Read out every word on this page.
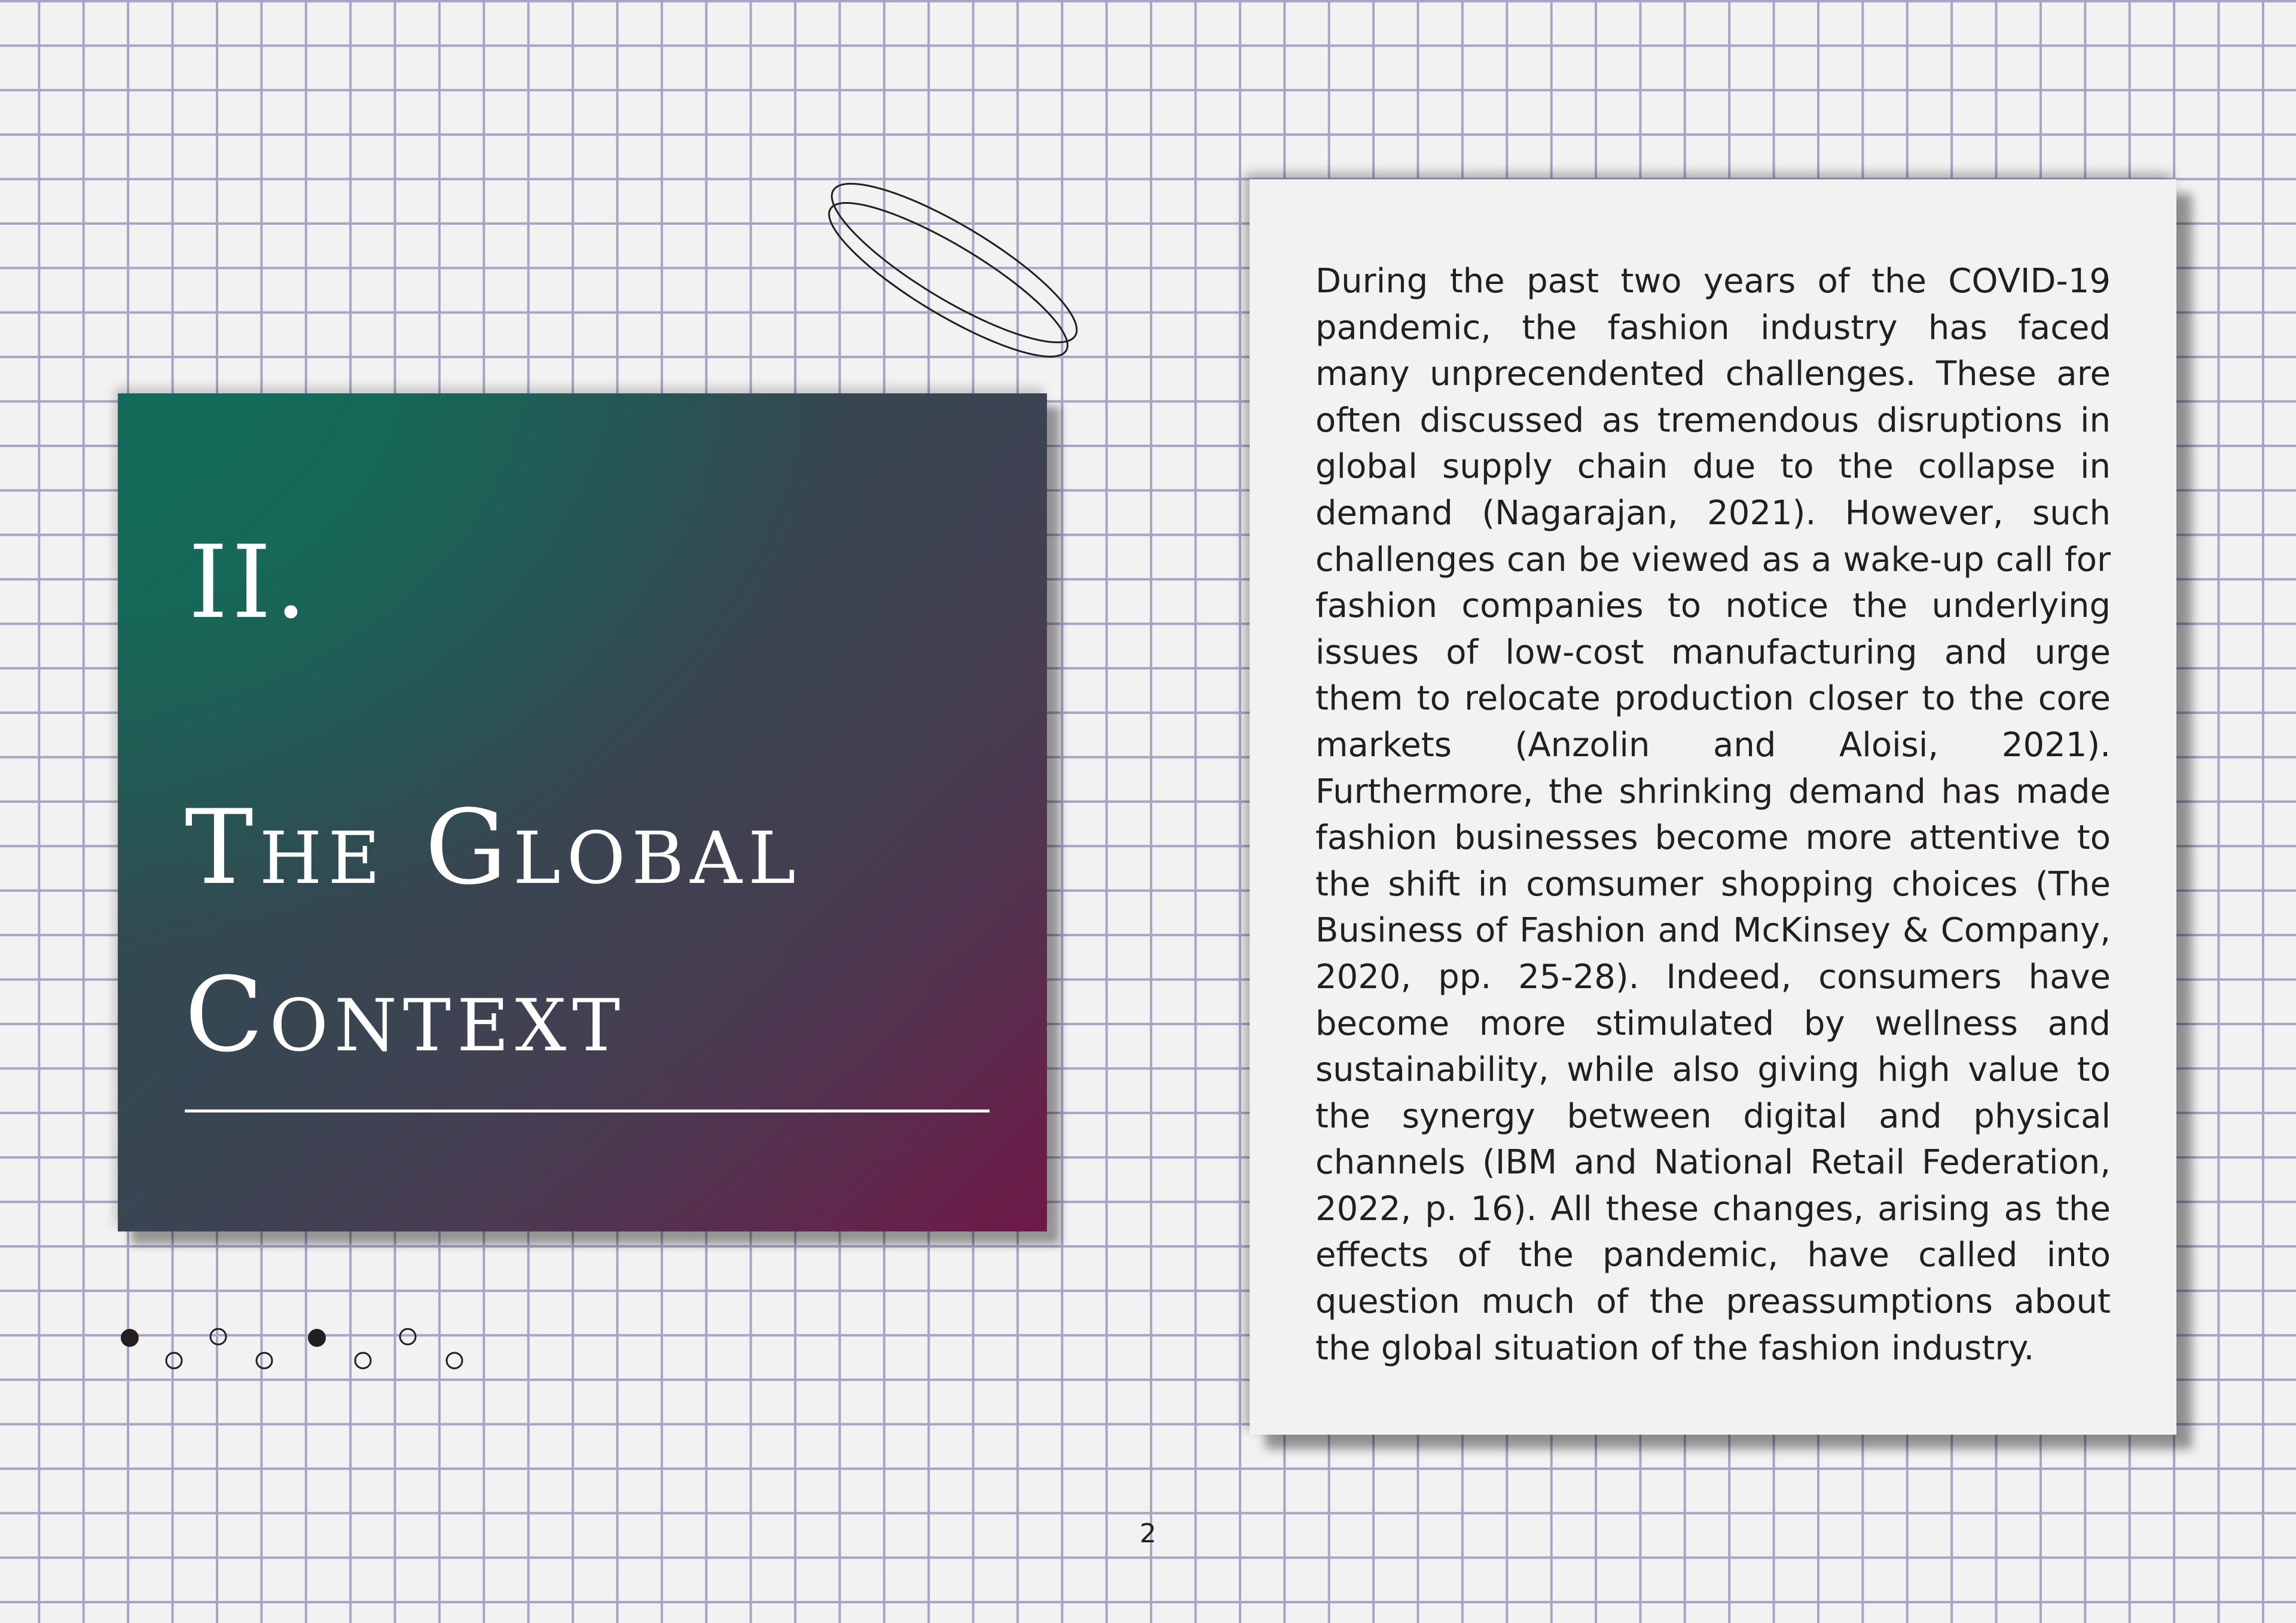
II.
The Global
Context

During the past two years of the COVID-19 pandemic, the fashion industry has faced many unprecendented challenges. These are often discussed as tremendous disruptions in global supply chain due to the collapse in demand (Nagarajan, 2021). However, such challenges can be viewed as a wake-up call for fashion companies to notice the underlying issues of low-cost manufacturing and urge them to relocate production closer to the core markets (Anzolin and Aloisi, 2021). Furthermore, the shrinking demand has made fashion businesses become more attentive to the shift in comsumer shopping choices (The Business of Fashion and McKinsey & Company, 2020, pp. 25-28). Indeed, consumers have become more stimulated by wellness and sustainability, while also giving high value to the synergy between digital and physical channels (IBM and National Retail Federation, 2022, p. 16). All these changes, arising as the effects of the pandemic, have called into question much of the preassumptions about the global situation of the fashion industry.

2
